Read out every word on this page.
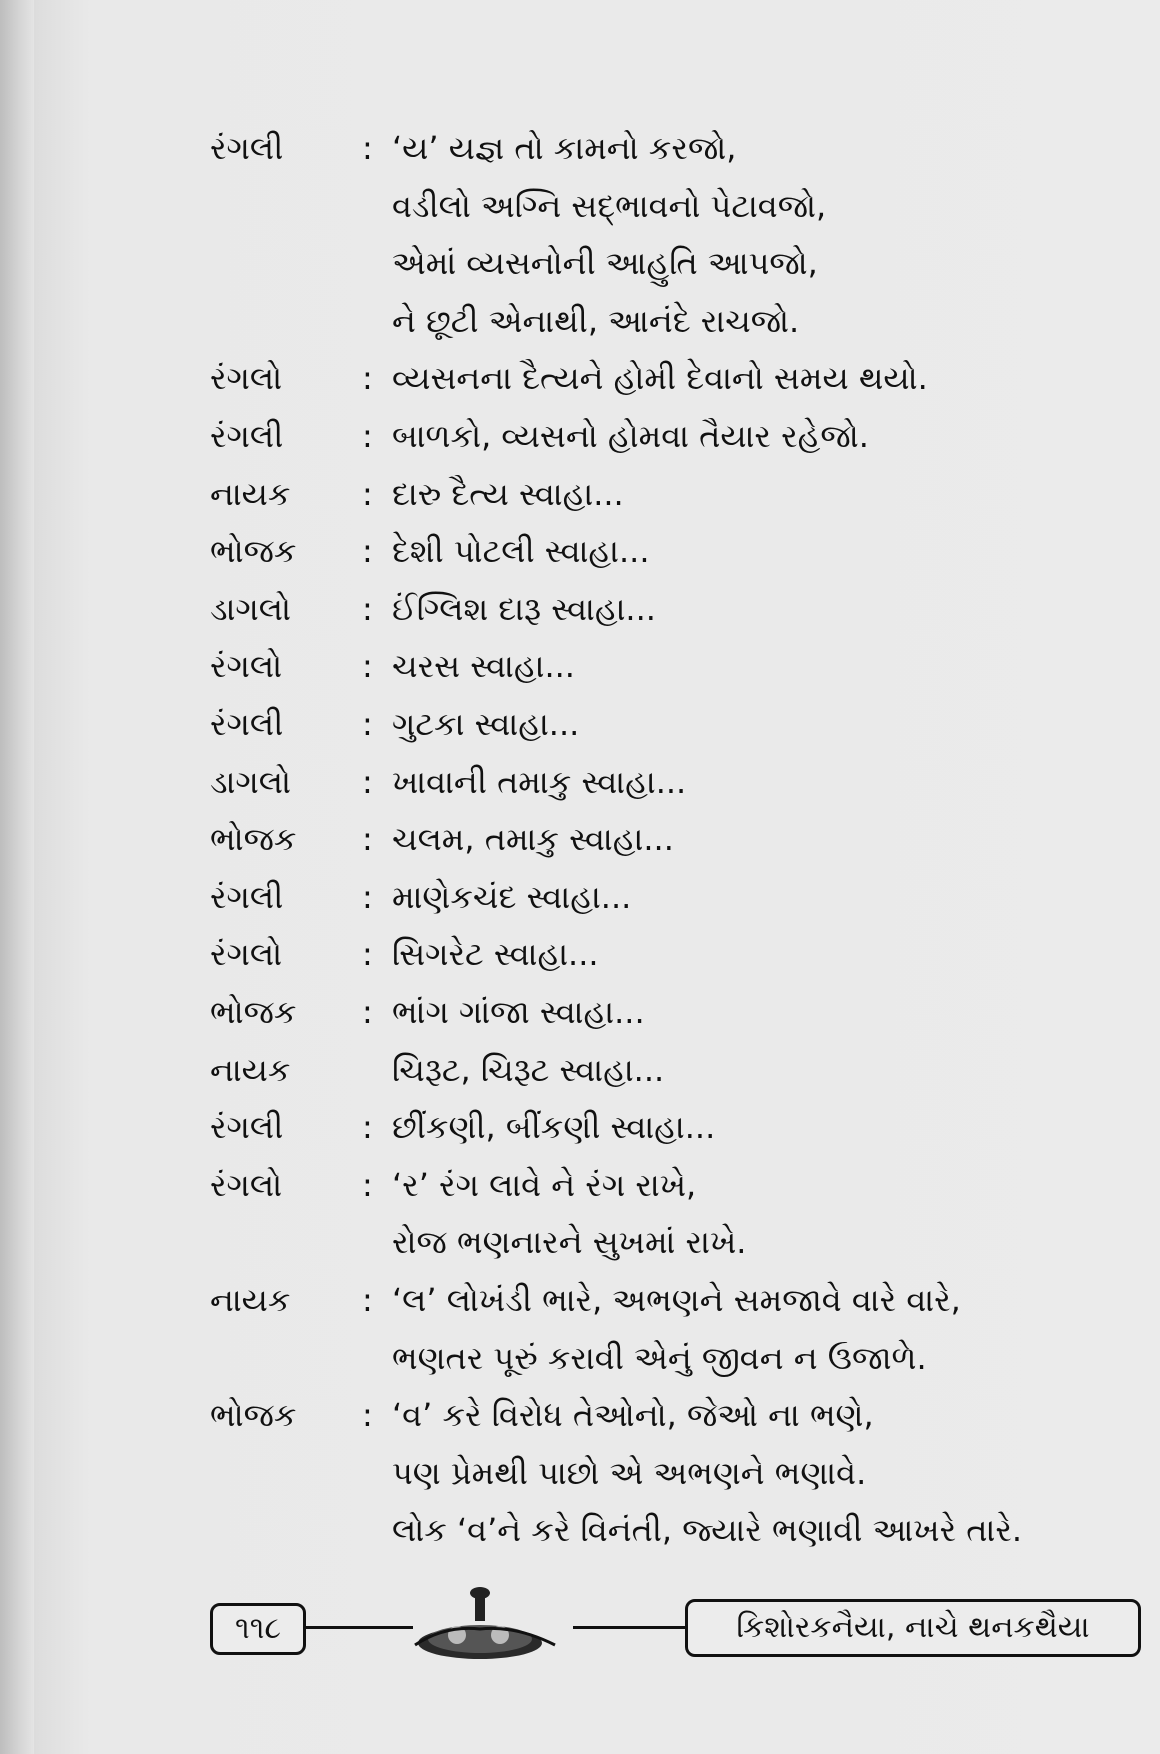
રંગલી : ‘ય’ યજ્ઞ તો કામનો કરજો,
વડીલો અગ્નિ સદ્ભાવનો પેટાવજો,
એમાં વ્યસનોની આહુતિ આપજો,
ને છૂટી એનાથી, આનંદે રાચજો.
રંગલો : વ્યસનના દૈત્યને હોમી દેવાનો સમય થયો.
રંગલી : બાળકો, વ્યસનો હોમવા તૈયાર રહેજો.
નાયક : દારુ દૈત્ય સ્વાહા...
ભોજક : દેશી પોટલી સ્વાહા...
ડાગલો : ઈંગ્લિશ દારૂ સ્વાહા...
રંગલો : ચરસ સ્વાહા...
રંગલી : ગુટકા સ્વાહા...
ડાગલો : ખાવાની તમાકુ સ્વાહા...
ભોજક : ચલમ, તમાકુ સ્વાહા...
રંગલી : માણેકચંદ સ્વાહા...
રંગલો : સિગરેટ સ્વાહા...
ભોજક : ભાંગ ગાંજા સ્વાહા...
નાયક	ચિરૂટ, ચિરૂટ સ્વાહા...
રંગલી : છીંકણી, બીંકણી સ્વાહા...
રંગલો : ‘ર’ રંગ લાવે ને રંગ રાખે,
રોજ ભણનારને સુખમાં રાખે.
નાયક : ‘લ’ લોખંડી ભારે, અભણને સમજાવે વારે વારે,
ભણતર પૂરું કરાવી એનું જીવન ન ઉજાળે.
ભોજક : ‘વ’ કરે વિરોધ તેઓનો, જેઓ ના ભણે,
પણ પ્રેમથી પાછો એ અભણને ભણાવે.
લોક ‘વ’ને કરે વિનંતી, જ્યારે ભણાવી આખરે તારે.
૧૧૮	કિશોરકનૈયા, નાચે થનકથૈયા
